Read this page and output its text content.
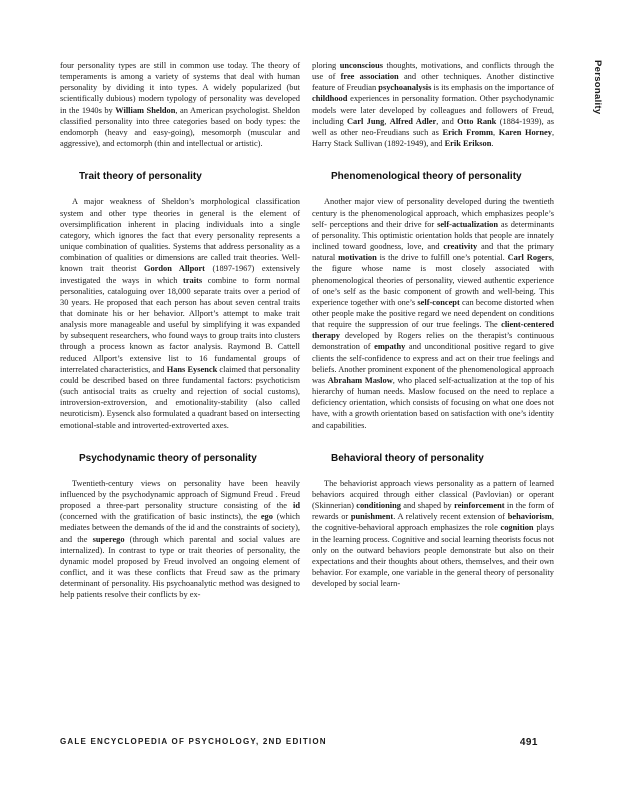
Personality

four personality types are still in common use today. The theory of temperaments is among a variety of systems that deal with human personality by dividing it into types. A widely popularized (but scientifically dubious) modern typology of personality was developed in the 1940s by William Sheldon, an American psychologist. Sheldon classified personality into three categories based on body types: the endomorph (heavy and easy-going), mesomorph (muscular and aggressive), and ectomorph (thin and intellectual or artistic).

Trait theory of personality

A major weakness of Sheldon’s morphological classification system and other type theories in general is the element of oversimplification inherent in placing individuals into a single category, which ignores the fact that every personality represents a unique combination of qualities. Systems that address personality as a combination of qualities or dimensions are called trait theories. Well-known trait theorist Gordon Allport (1897-1967) extensively investigated the ways in which traits combine to form normal personalities, cataloguing over 18,000 separate traits over a period of 30 years. He proposed that each person has about seven central traits that dominate his or her behavior. Allport’s attempt to make trait analysis more manageable and useful by simplifying it was expanded by subsequent researchers, who found ways to group traits into clusters through a process known as factor analysis. Raymond B. Cattell reduced Allport’s extensive list to 16 fundamental groups of interrelated characteristics, and Hans Eysenck claimed that personality could be described based on three fundamental factors: psychoticism (such antisocial traits as cruelty and rejection of social customs), introversion-extroversion, and emotionality-stability (also called neuroticism). Eysenck also formulated a quadrant based on intersecting emotional-stable and introverted-extroverted axes.

Psychodynamic theory of personality

Twentieth-century views on personality have been heavily influenced by the psychodynamic approach of Sigmund Freud . Freud proposed a three-part personality structure consisting of the id (concerned with the gratification of basic instincts), the ego (which mediates between the demands of the id and the constraints of society), and the superego (through which parental and social values are internalized). In contrast to type or trait theories of personality, the dynamic model proposed by Freud involved an ongoing element of conflict, and it was these conflicts that Freud saw as the primary determinant of personality. His psychoanalytic method was designed to help patients resolve their conflicts by ex-

ploring unconscious thoughts, motivations, and conflicts through the use of free association and other techniques. Another distinctive feature of Freudian psychoanalysis is its emphasis on the importance of childhood experiences in personality formation. Other psychodynamic models were later developed by colleagues and followers of Freud, including Carl Jung, Alfred Adler, and Otto Rank (1884-1939), as well as other neo-Freudians such as Erich Fromm, Karen Horney, Harry Stack Sullivan (1892-1949), and Erik Erikson.

Phenomenological theory of personality

Another major view of personality developed during the twentieth century is the phenomenological approach, which emphasizes people’s self- perceptions and their drive for self-actualization as determinants of personality. This optimistic orientation holds that people are innately inclined toward goodness, love, and creativity and that the primary natural motivation is the drive to fulfill one’s potential. Carl Rogers, the figure whose name is most closely associated with phenomenological theories of personality, viewed authentic experience of one’s self as the basic component of growth and well-being. This experience together with one’s self-concept can become distorted when other people make the positive regard we need dependent on conditions that require the suppression of our true feelings. The client-centered therapy developed by Rogers relies on the therapist’s continuous demonstration of empathy and unconditional positive regard to give clients the self-confidence to express and act on their true feelings and beliefs. Another prominent exponent of the phenomenological approach was Abraham Maslow, who placed self-actualization at the top of his hierarchy of human needs. Maslow focused on the need to replace a deficiency orientation, which consists of focusing on what one does not have, with a growth orientation based on satisfaction with one’s identity and capabilities.

Behavioral theory of personality

The behaviorist approach views personality as a pattern of learned behaviors acquired through either classical (Pavlovian) or operant (Skinnerian) conditioning and shaped by reinforcement in the form of rewards or punishment. A relatively recent extension of behaviorism, the cognitive-behavioral approach emphasizes the role cognition plays in the learning process. Cognitive and social learning theorists focus not only on the outward behaviors people demonstrate but also on their expectations and their thoughts about others, themselves, and their own behavior. For example, one variable in the general theory of personality developed by social learn-

GALE ENCYCLOPEDIA OF PSYCHOLOGY, 2ND EDITION	491
